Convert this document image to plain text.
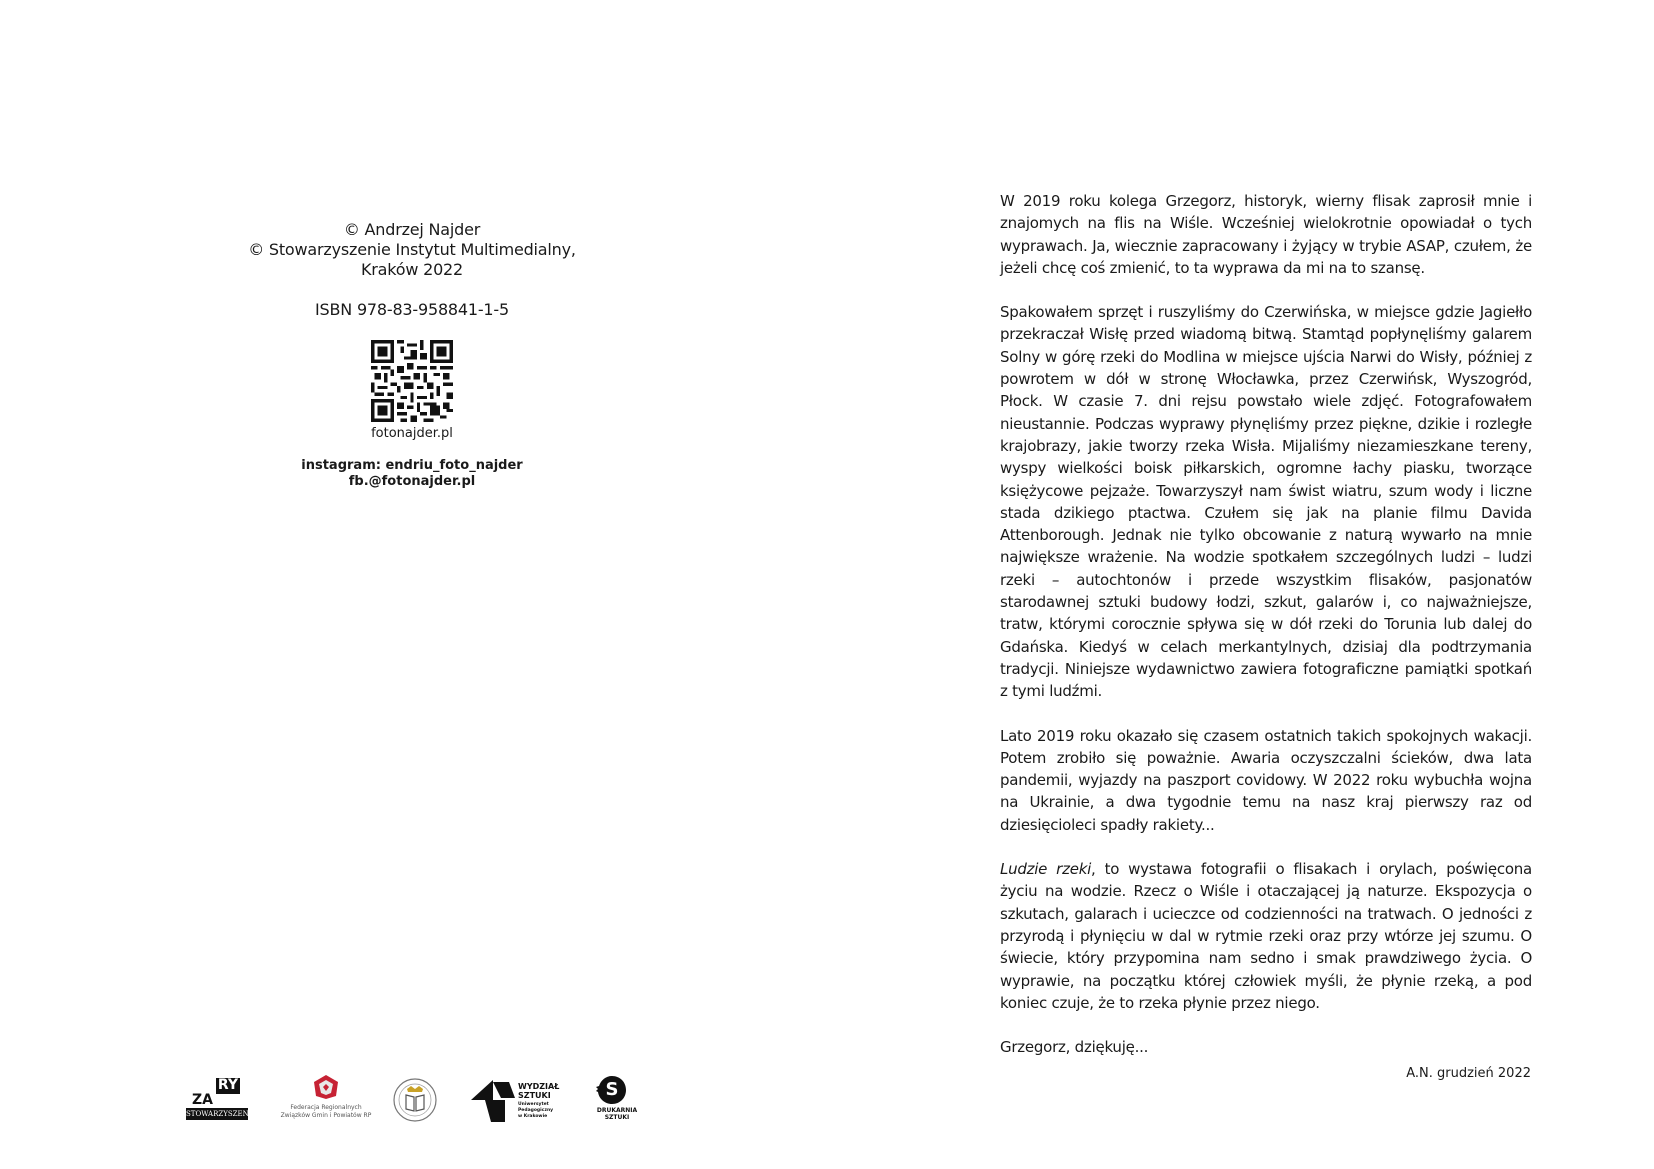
© Andrzej Najder
© Stowarzyszenie Instytut Multimedialny,
Kraków 2022
ISBN 978-83-958841-1-5
fotonajder.pl
instagram: endriu_foto_najder
fb.@fotonajder.pl

W 2019 roku kolega Grzegorz, historyk, wierny flisak zaprosił mnie i znajomych na flis na Wiśle. Wcześniej wielokrotnie opowiadał o tych wyprawach. Ja, wiecznie zapracowany i żyjący w trybie ASAP, czułem, że jeżeli chcę coś zmienić, to ta wyprawa da mi na to szansę.

Spakowałem sprzęt i ruszyliśmy do Czerwińska, w miejsce gdzie Jagiełło przekraczał Wisłę przed wiadomą bitwą. Stamtąd popłynęliśmy galarem Solny w górę rzeki do Modlina w miejsce ujścia Narwi do Wisły, później z powrotem w dół w stronę Włocławka, przez Czerwińsk, Wyszogród, Płock. W czasie 7. dni rejsu powstało wiele zdjęć. Fotografowałem nieustannie. Podczas wyprawy płynęliśmy przez piękne, dzikie i rozległe krajobrazy, jakie tworzy rzeka Wisła. Mijaliśmy niezamieszkane tereny, wyspy wielkości boisk piłkarskich, ogromne łachy piasku, tworzące księżycowe pejzaże. Towarzyszył nam świst wiatru, szum wody i liczne stada dzikiego ptactwa. Czułem się jak na planie filmu Davida Attenborough. Jednak nie tylko obcowanie z naturą wywarło na mnie największe wrażenie. Na wodzie spotkałem szczególnych ludzi – ludzi rzeki – autochtonów i przede wszystkim flisaków, pasjonatów starodawnej sztuki budowy łodzi, szkut, galarów i, co najważniejsze, tratw, którymi corocznie spływa się w dół rzeki do Torunia lub dalej do Gdańska. Kiedyś w celach merkantylnych, dzisiaj dla podtrzymania tradycji. Niniejsze wydawnictwo zawiera fotograficzne pamiątki spotkań z tymi ludźmi.

Lato 2019 roku okazało się czasem ostatnich takich spokojnych wakacji. Potem zrobiło się poważnie. Awaria oczyszczalni ścieków, dwa lata pandemii, wyjazdy na paszport covidowy. W 2022 roku wybuchła wojna na Ukrainie, a dwa tygodnie temu na nasz kraj pierwszy raz od dziesięcioleci spadły rakiety...

Ludzie rzeki, to wystawa fotografii o flisakach i orylach, poświęcona życiu na wodzie. Rzecz o Wiśle i otaczającej ją naturze. Ekspozycja o szkutach, galarach i ucieczce od codzienności na tratwach. O jedności z przyrodą i płynięciu w dal w rytmie rzeki oraz przy wtórze jej szumu. O świecie, który przypomina nam sedno i smak prawdziwego życia. O wyprawie, na początku której człowiek myśli, że płynie rzeką, a pod koniec czuje, że to rzeka płynie przez niego.

Grzegorz, dziękuję...

A.N. grudzień 2022
RY
ZA
STOWARZYSZENIE
Federacja Regionalnych
Związków Gmin i Powiatów RP
WYDZIAŁ
SZTUKI
Uniwersytet
Pedagogiczny
w Krakowie
S
DRUKARNIA
SZTUKI
